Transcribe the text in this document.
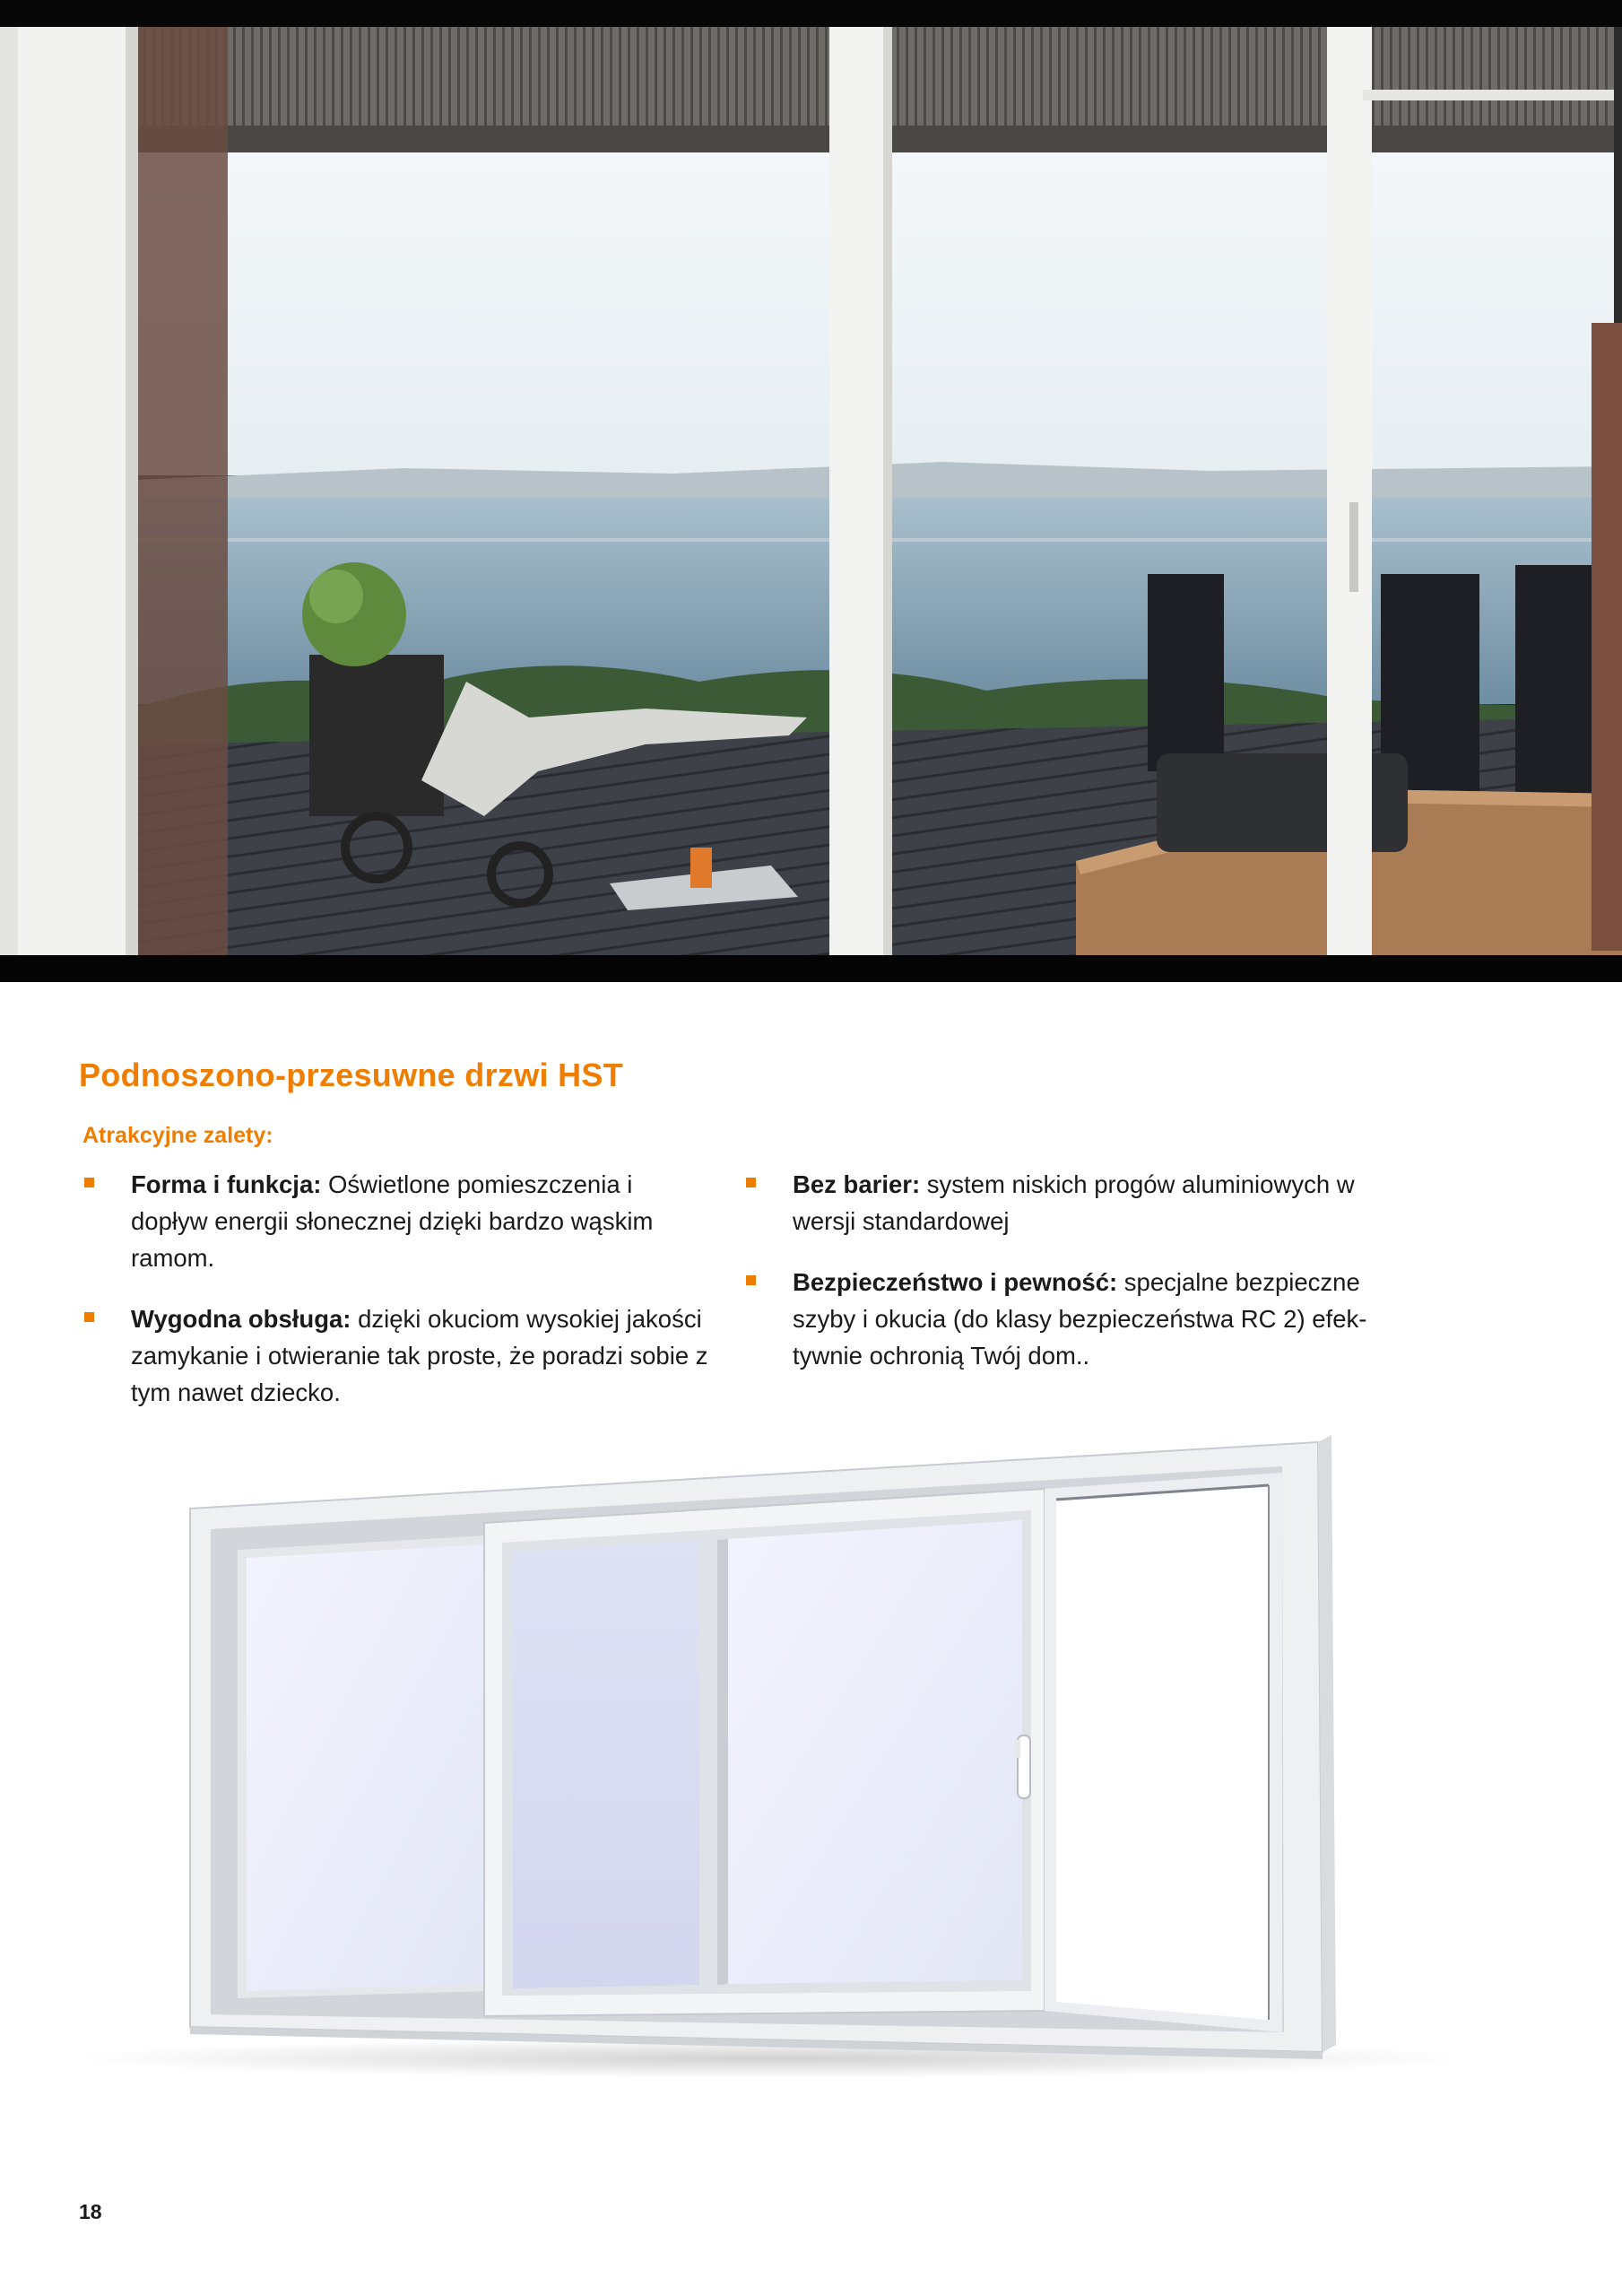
Podnoszono-przesuwne drzwi HST
Atrakcyjne zalety:
Forma i funkcja: Oświetlone pomieszczenia i dopływ energii słonecznej dzięki bardzo wąskim ramom.
Wygodna obsługa: dzięki okuciom wysokiej jakości zamykanie i otwieranie tak proste, że poradzi sobie z tym nawet dziecko.
Bez barier: system niskich progów aluminiowych w wersji standardowej
Bezpieczeństwo i pewność: specjalne bezpieczne szyby i okucia (do klasy bezpieczeństwa RC 2) efektywnie ochronią Twój dom..
18
